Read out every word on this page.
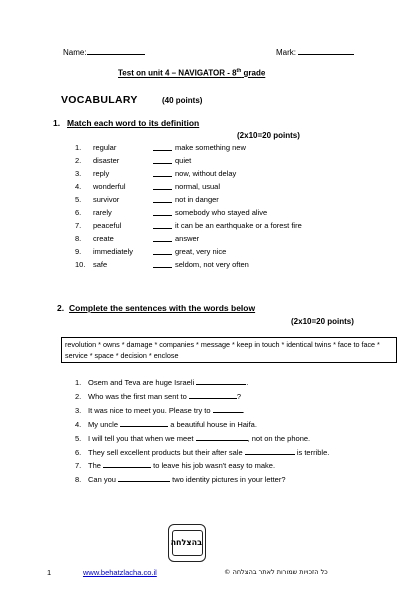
Name:	Mark:
Test on unit 4 – NAVIGATOR - 8th grade
VOCABULARY	(40 points)
1. Match each word to its definition
(2x10=20 points)
1. regular	make something new
2. disaster	quiet
3. reply	now, without delay
4. wonderful	normal, usual
5. survivor	not in danger
6. rarely	somebody who stayed alive
7. peaceful	it can be an earthquake or a forest fire
8. create	answer
9. immediately	great, very nice
10. safe	seldom, not very often
2. Complete the sentences with the words below
(2x10=20 points)
revolution * owns * damage * companies * message * keep in touch * identical twins * face to face * service * space * decision * enclose
1. Osem and Teva are huge Israeli	.
2. Who was the first man sent to	?
3. It was nice to meet you. Please try to	.
4. My uncle	a beautiful house in Haifa.
5. I will tell you that when we meet	, not on the phone.
6. They sell excellent products but their after sale	is terrible.
7. The	to leave his job wasn't easy to make.
8. Can you	two identity pictures in your letter?
בהצלחה
1	www.behatzlacha.co.il	כל הזכויות שמורות לאתר בהצלחה ©
